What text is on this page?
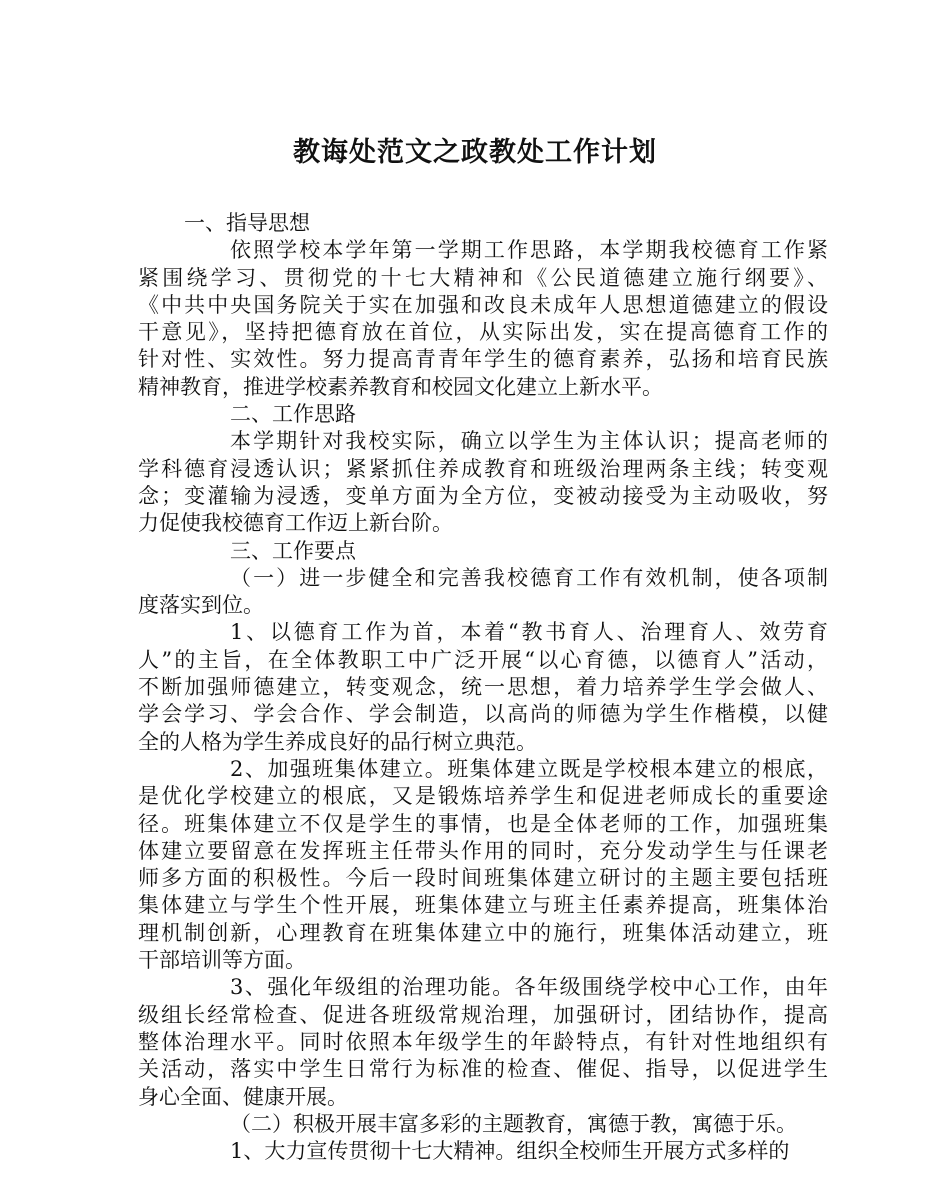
教诲处范文之政教处工作计划

一、指导思想

依照学校本学年第一学期工作思路，本学期我校德育工作紧

紧围绕学习、贯彻党的十七大精神和《公民道德建立施行纲要》、

《中共中央国务院关于实在加强和改良未成年人思想道德建立的假设

干意见》，坚持把德育放在首位，从实际出发，实在提高德育工作的

针对性、实效性。努力提高青青年学生的德育素养，弘扬和培育民族

精神教育，推进学校素养教育和校园文化建立上新水平。

二、工作思路

本学期针对我校实际，确立以学生为主体认识；提高老师的

学科德育浸透认识；紧紧抓住养成教育和班级治理两条主线；转变观

念；变灌输为浸透，变单方面为全方位，变被动接受为主动吸收，努

力促使我校德育工作迈上新台阶。

三、工作要点

（一）进一步健全和完善我校德育工作有效机制，使各项制

度落实到位。

1、以德育工作为首，本着“教书育人、治理育人、效劳育

人”的主旨，在全体教职工中广泛开展“以心育德，以德育人”活动，

不断加强师德建立，转变观念，统一思想，着力培养学生学会做人、

学会学习、学会合作、学会制造，以高尚的师德为学生作楷模，以健

全的人格为学生养成良好的品行树立典范。

2、加强班集体建立。班集体建立既是学校根本建立的根底，

是优化学校建立的根底，又是锻炼培养学生和促进老师成长的重要途

径。班集体建立不仅是学生的事情，也是全体老师的工作，加强班集

体建立要留意在发挥班主任带头作用的同时，充分发动学生与任课老

师多方面的积极性。今后一段时间班集体建立研讨的主题主要包括班

集体建立与学生个性开展，班集体建立与班主任素养提高，班集体治

理机制创新，心理教育在班集体建立中的施行，班集体活动建立，班

干部培训等方面。

3、强化年级组的治理功能。各年级围绕学校中心工作，由年

级组长经常检查、促进各班级常规治理，加强研讨，团结协作，提高

整体治理水平。同时依照本年级学生的年龄特点，有针对性地组织有

关活动，落实中学生日常行为标准的检查、催促、指导，以促进学生

身心全面、健康开展。

（二）积极开展丰富多彩的主题教育，寓德于教，寓德于乐。

1、大力宣传贯彻十七大精神。组织全校师生开展方式多样的
